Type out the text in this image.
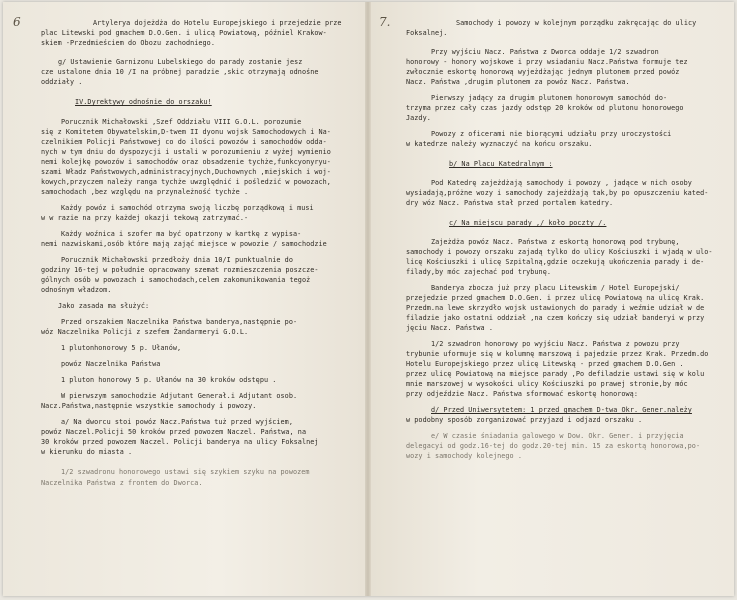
6	Artylerya dojeżdża do Hotelu Europejskiego i przejedzie prze
plac Litewski pod gmachem D.O.Gen. i ulicą Powiatową, późniel Krakow-
skiem -Przedmieściem do Obozu zachodniego.
g/ Ustawienie Garnizonu Lubelskiego do parady zostanie jesz
cze ustalone dnia 10 /I na próbnej paradzie ,skic otrzymają odnośne
oddziały .
IV.Dyrektywy odnośnie do orszaku!
Porucznik Michałowski ,Szef Oddziału VIII G.O.L. porozumie
się z Komitetem Obywatelskim,D-twem II dyonu wojsk Samochodowych i Na-
czelnikiem Policji Państwowej co do ilości powozów i samochodów odda-
nych w tym dniu do dyspozycji i ustali w porozumieniu z wyżej wymienio
nemi kolejkę powozów i samochodów oraz obsadzenie tychże,funkcyonyryu-
szami Władz Państwowych,administracyjnych,Duchownych ,miejskich i woj-
kowych,przyczem należy ranga tychże uwzględnić i pośledzić w powozach,
samochodach ,bez względu na przynależność tychże .
Każdy powóz i samochód otrzyma swoją liczbę porządkową i musi
w w razie na przy każdej okazji tekową zatrzymać.-
Każdy woźnica i szofer ma być opatrzony w kartkę z wypisa-
nemi nazwiskami,osób które mają zająć miejsce w powozie / samochodzie
Porucznik Michałowski przedłoży dnia 10/I punktualnie do
godziny 16-tej w południe opracowany szemat rozmieszczenia poszcze-
gólnych osób w powozach i samochodach,celem zakomunikowania tegoż
odnośnym władzom.
Jako zasada ma służyć:
Przed orszakiem Naczelnika Państwa banderya,następnie po-
wóz Naczelnika Policji z szefem Żandarmeryi G.O.L.
1 plutonhonorowy 5 p. Ułanów,
powóz Naczelnika Państwa
1 pluton honorowy 5 p. Ułanów na 30 kroków odstępu .
W pierwszym samochodzie Adjutant Generał.i Adjutant osob.
Nacz.Państwa,następnie wszystkie samochody i powozy.
a/ Na dworcu stoi powóz Nacz.Państwa tuż przed wyjściem,
powóz Naczel.Policji 50 kroków przed powozem Naczel. Państwa, na
30 kroków przed powozem Naczel. Policji banderya na ulicy Foksalnej
w kierunku do miasta .
1/2 szwadronu honorowego ustawi się szykiem szyku na powozem
Naczelnika Państwa z frontem do Dworca.
7.	Samochody i powozy w kolejnym porządku zakręcając do ulicy
Foksalnej.
Przy wyjściu Nacz. Państwa z Dworca oddaje 1/2 szwadron
honorowy - honory wojskowe i przy wsiadaniu Nacz.Państwa formuje tez
zwłocznie eskortę honorową wyjeżdżając jednym plutonem przed powóz
Nacz. Państwa ,drugim plutonem za powóz Nacz. Państwa.
Pierwszy jadący za drugim plutonem honorowym samochód do-
trzyma przez cały czas jazdy odstęp 20 kroków od plutonu honorowego
Jazdy.
Powozy z oficerami nie biorącymi udziału przy uroczystości
w katedrze należy wyznaczyć na końcu orszaku.
b/ Na Placu Katedralnym :
Pod Katedrę zajeżdżają samochody i powozy , jadące w nich osoby
wysiadają,próżne wozy i samochody zajeżdżają tak,by po opuszczeniu kated-
dry wóz Nacz. Państwa stał przed portalem katedry.
c/ Na miejscu parady ,/ koło poczty /.
Zajeżdża powóz Nacz. Państwa z eskortą honorową pod trybunę,
samochody i powozy orszaku zajadą tylko do ulicy Kościuszki i wjadą w ulo-
licę Kościuszki i ulicę Szpitalną,gdzie oczekują ukończenia parady i de-
filady,by móc zajechać pod trybunę.
Banderya zbocza już przy placu Litewskim / Hotel Europejski/
przejedzie przed gmachem D.O.Gen. i przez ulicę Powiatową na ulicę Krak.
Przedm.na lewe skrzydło wojsk ustawionych do parady i weźmie udział w de
filadzie jako ostatni oddział ,na czem kończy się udział banderyi w przy
jęciu Nacz. Państwa .
1/2 szwadron honorowy po wyjściu Nacz. Państwa z powozu przy
trybunie uformuje się w kolumnę marszową i pajedzie przez Krak. Przedm.do
Hotelu Europejskiego przez ulicę Litewską - przed gmachem D.O.Gen .
przez ulicę Powiatową na miejsce parady ,Po defiladzie ustawi się w kolu
mnie marszowej w wysokości ulicy Kościuszki po prawej stronie,by móc
przy odjeździe Nacz. Państwa sformować eskortę honorową:
d/ Przed Uniwersytetem: 1 przed gmachem D-twa Okr. Gener.należy
w podobny sposób zorganizować przyjazd i odjazd orszaku .
e/ W czasie śniadania galowego w Dow. Okr. Gener. i przyjęcia
delegacyi od godz.16-tej do godz.20-tej min. 15 za eskortą honorowa,po-
wozy i samochody kolejnego .
